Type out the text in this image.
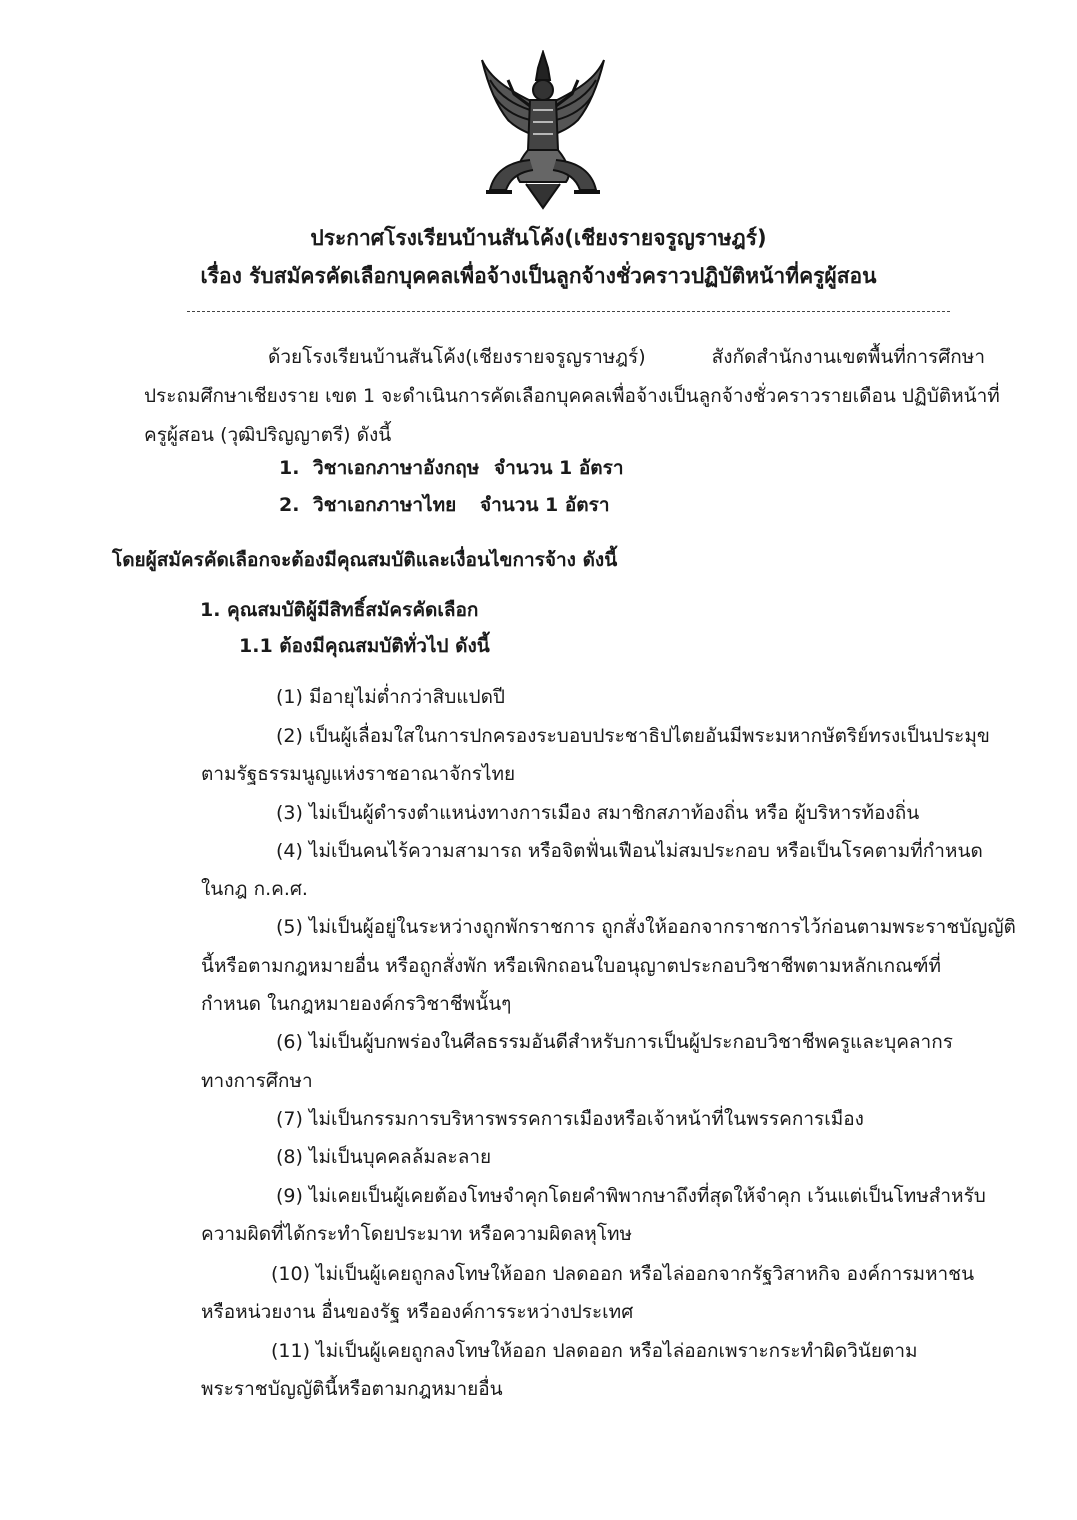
ประกาศโรงเรียนบ้านสันโค้ง(เชียงรายจรูญราษฎร์)
เรื่อง รับสมัครคัดเลือกบุคคลเพื่อจ้างเป็นลูกจ้างชั่วคราวปฏิบัติหน้าที่ครูผู้สอน
ด้วยโรงเรียนบ้านสันโค้ง(เชียงรายจรูญราษฎร์) สังกัดสำนักงานเขตพื้นที่การศึกษา
ประถมศึกษาเชียงราย เขต 1 จะดำเนินการคัดเลือกบุคคลเพื่อจ้างเป็นลูกจ้างชั่วคราวรายเดือน ปฏิบัติหน้าที่
ครูผู้สอน (วุฒิปริญญาตรี) ดังนี้
1. วิชาเอกภาษาอังกฤษ จำนวน 1 อัตรา
2. วิชาเอกภาษาไทย จำนวน 1 อัตรา
โดยผู้สมัครคัดเลือกจะต้องมีคุณสมบัติและเงื่อนไขการจ้าง ดังนี้
1. คุณสมบัติผู้มีสิทธิ์สมัครคัดเลือก
1.1 ต้องมีคุณสมบัติทั่วไป ดังนี้
(1) มีอายุไม่ต่ำกว่าสิบแปดปี
(2) เป็นผู้เลื่อมใสในการปกครองระบอบประชาธิปไตยอันมีพระมหากษัตริย์ทรงเป็นประมุข
ตามรัฐธรรมนูญแห่งราชอาณาจักรไทย
(3) ไม่เป็นผู้ดำรงตำแหน่งทางการเมือง สมาชิกสภาท้องถิ่น หรือ ผู้บริหารท้องถิ่น
(4) ไม่เป็นคนไร้ความสามารถ หรือจิตฟั่นเฟือนไม่สมประกอบ หรือเป็นโรคตามที่กำหนด
ในกฎ ก.ค.ศ.
(5) ไม่เป็นผู้อยู่ในระหว่างถูกพักราชการ ถูกสั่งให้ออกจากราชการไว้ก่อนตามพระราชบัญญัติ
นี้หรือตามกฎหมายอื่น หรือถูกสั่งพัก หรือเพิกถอนใบอนุญาตประกอบวิชาชีพตามหลักเกณฑ์ที่
กำหนด ในกฎหมายองค์กรวิชาชีพนั้นๆ
(6) ไม่เป็นผู้บกพร่องในศีลธรรมอันดีสำหรับการเป็นผู้ประกอบวิชาชีพครูและบุคลากร
ทางการศึกษา
(7) ไม่เป็นกรรมการบริหารพรรคการเมืองหรือเจ้าหน้าที่ในพรรคการเมือง
(8) ไม่เป็นบุคคลล้มละลาย
(9) ไม่เคยเป็นผู้เคยต้องโทษจำคุกโดยคำพิพากษาถึงที่สุดให้จำคุก เว้นแต่เป็นโทษสำหรับ
ความผิดที่ได้กระทำโดยประมาท หรือความผิดลหุโทษ
(10) ไม่เป็นผู้เคยถูกลงโทษให้ออก ปลดออก หรือไล่ออกจากรัฐวิสาหกิจ องค์การมหาชน
หรือหน่วยงาน อื่นของรัฐ หรือองค์การระหว่างประเทศ
(11) ไม่เป็นผู้เคยถูกลงโทษให้ออก ปลดออก หรือไล่ออกเพราะกระทำผิดวินัยตาม
พระราชบัญญัตินี้หรือตามกฎหมายอื่น
